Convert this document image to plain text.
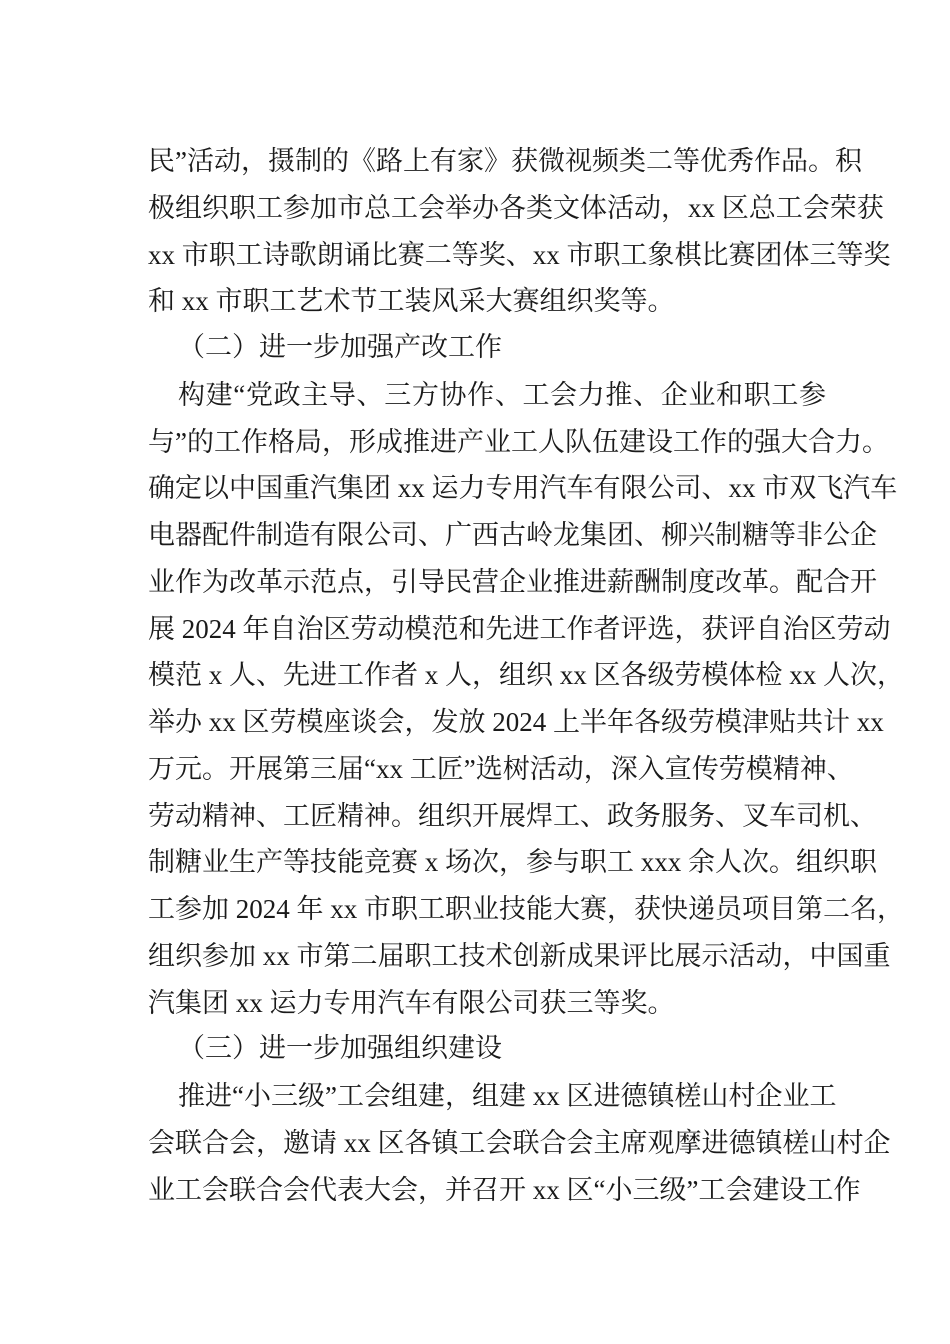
民”活动，摄制的《路上有家》获微视频类二等优秀作品。积
极组织职工参加市总工会举办各类文体活动，xx 区总工会荣获
xx 市职工诗歌朗诵比赛二等奖、xx 市职工象棋比赛团体三等奖
和 xx 市职工艺术节工装风采大赛组织奖等。
（二）进一步加强产改工作
构建“党政主导、三方协作、工会力推、企业和职工参
与”的工作格局，形成推进产业工人队伍建设工作的强大合力。
确定以中国重汽集团 xx 运力专用汽车有限公司、xx 市双飞汽车
电器配件制造有限公司、广西古岭龙集团、柳兴制糖等非公企
业作为改革示范点，引导民营企业推进薪酬制度改革。配合开
展 2024 年自治区劳动模范和先进工作者评选，获评自治区劳动
模范 x 人、先进工作者 x 人，组织 xx 区各级劳模体检 xx 人次，
举办 xx 区劳模座谈会，发放 2024 上半年各级劳模津贴共计 xx
万元。开展第三届“xx 工匠”选树活动，深入宣传劳模精神、
劳动精神、工匠精神。组织开展焊工、政务服务、叉车司机、
制糖业生产等技能竞赛 x 场次，参与职工 xxx 余人次。组织职
工参加 2024 年 xx 市职工职业技能大赛，获快递员项目第二名，
组织参加 xx 市第二届职工技术创新成果评比展示活动，中国重
汽集团 xx 运力专用汽车有限公司获三等奖。
（三）进一步加强组织建设
推进“小三级”工会组建，组建 xx 区进德镇槎山村企业工
会联合会，邀请 xx 区各镇工会联合会主席观摩进德镇槎山村企
业工会联合会代表大会，并召开 xx 区“小三级”工会建设工作
